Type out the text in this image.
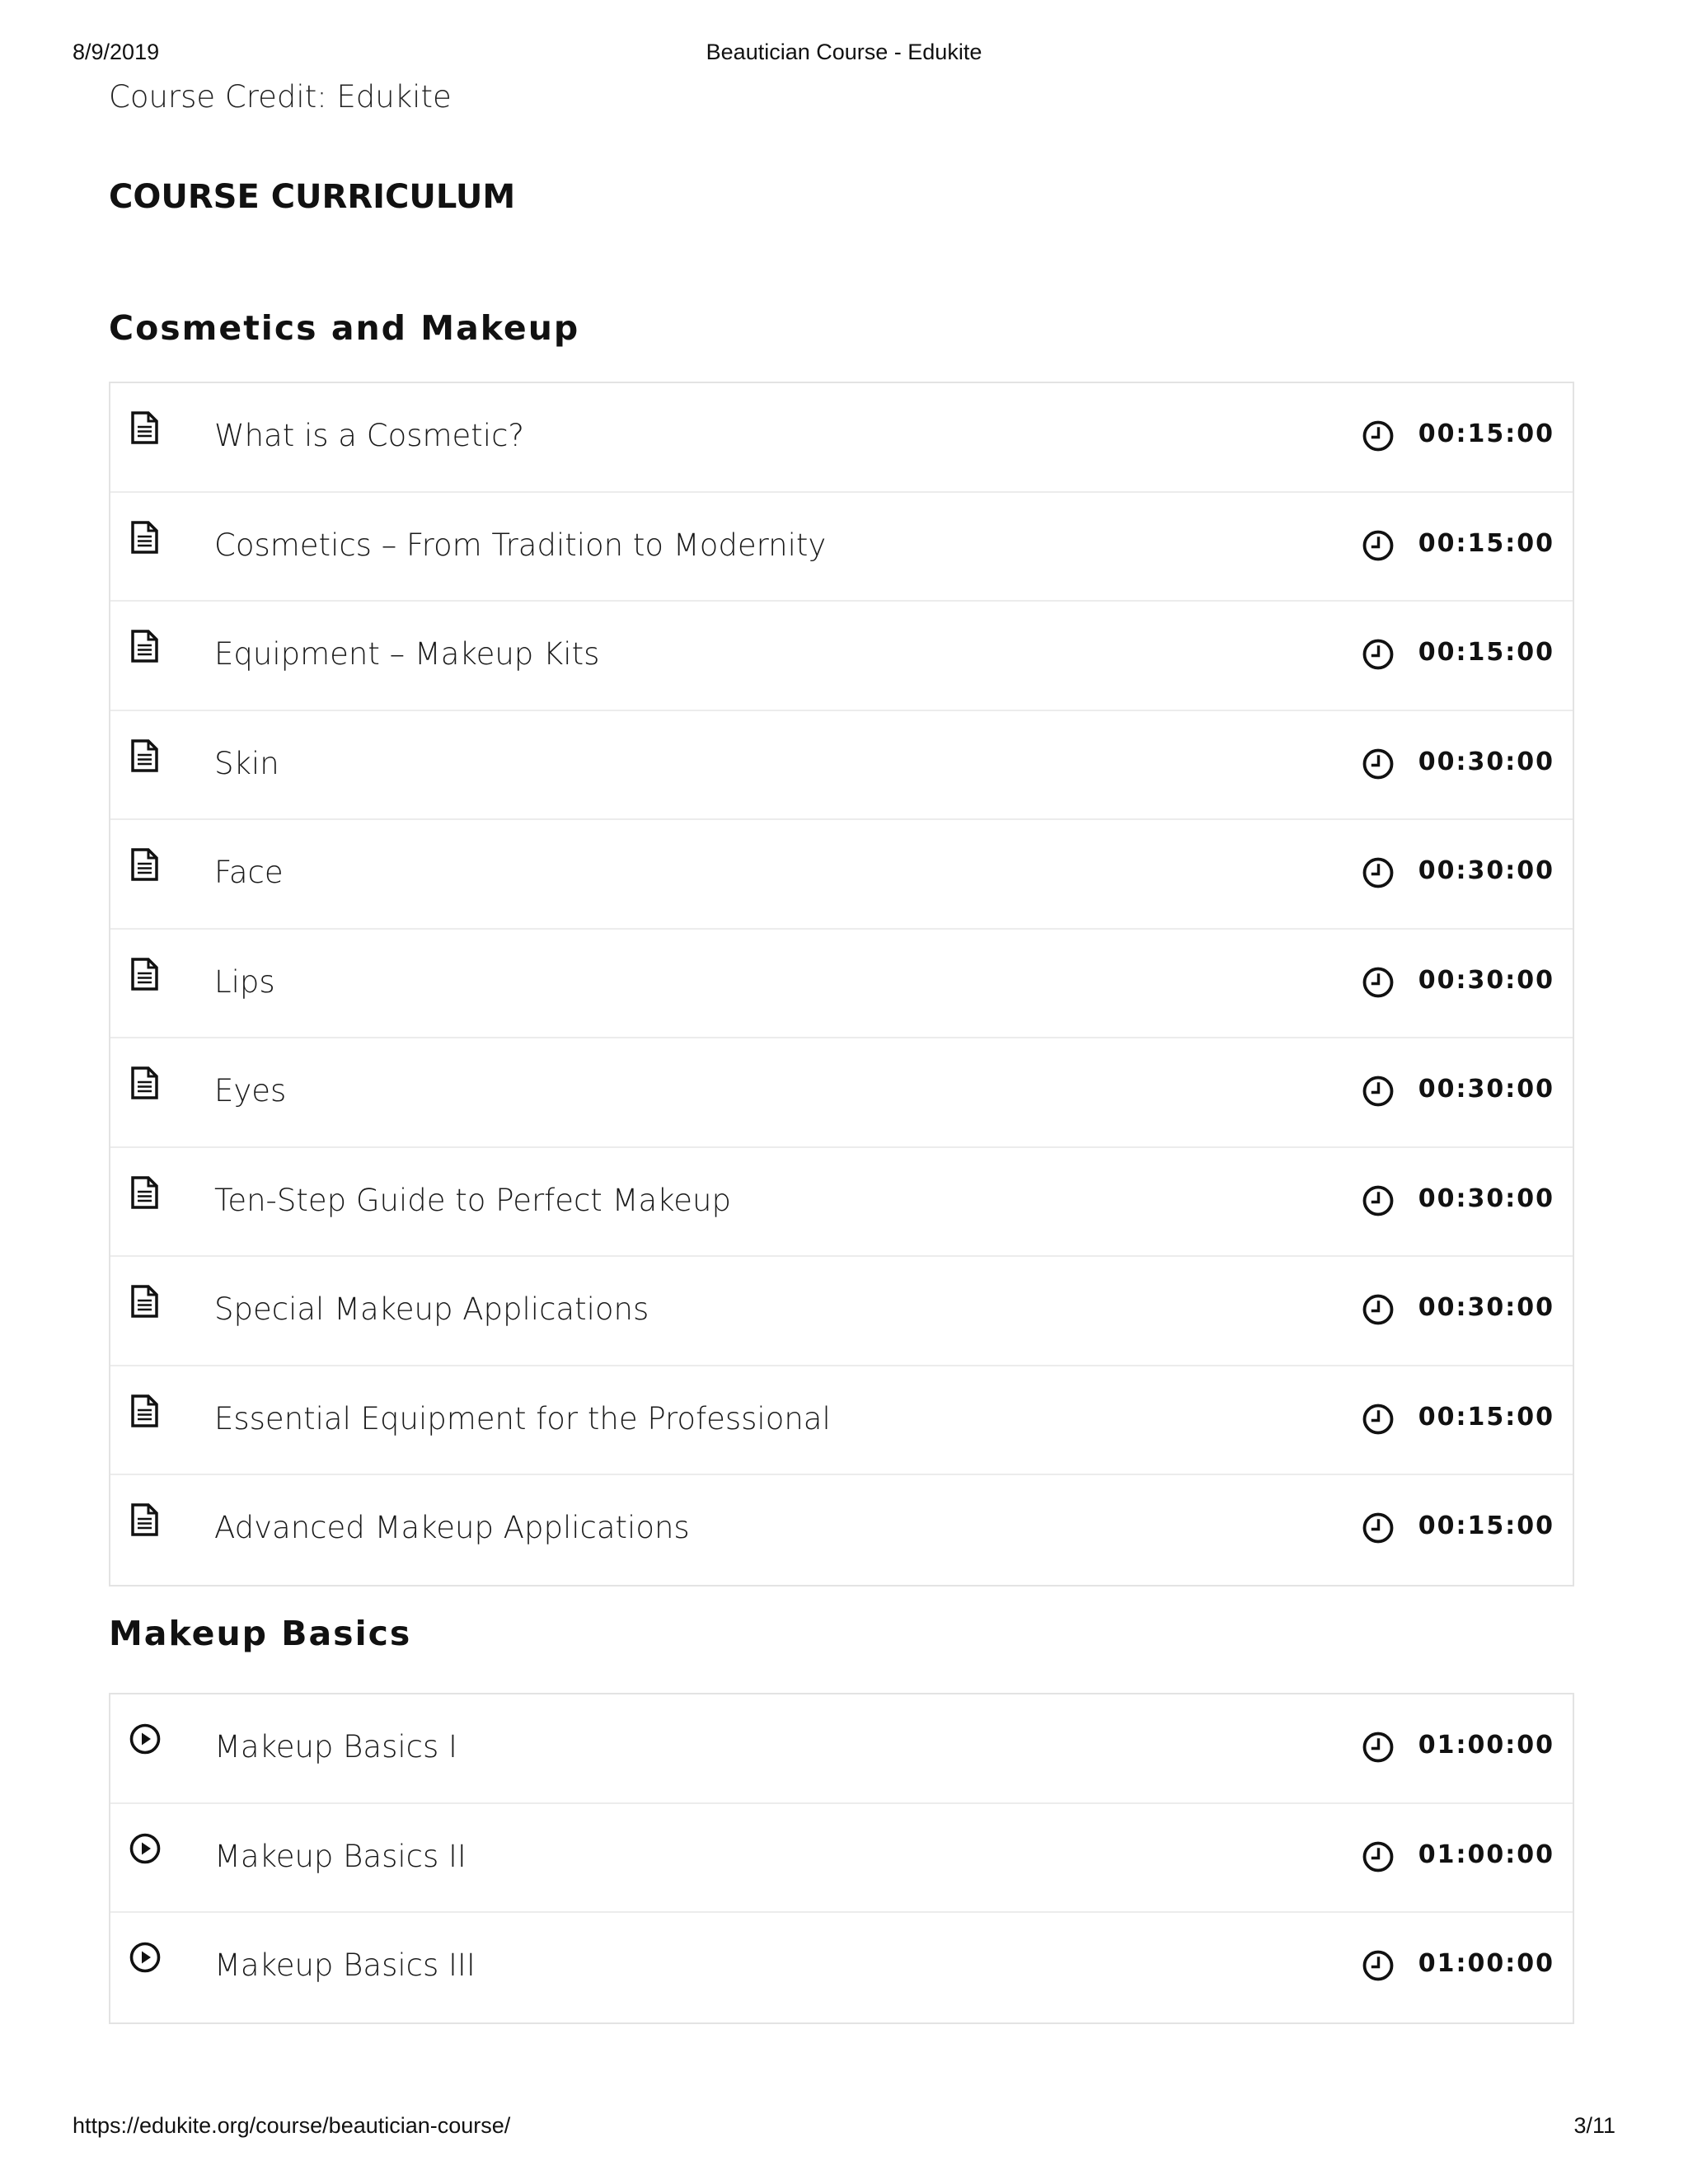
8/9/2019	Beautician Course - Edukite
Course Credit: Edukite
COURSE CURRICULUM
Cosmetics and Makeup
What is a Cosmetic?	00:15:00
Cosmetics – From Tradition to Modernity	00:15:00
Equipment – Makeup Kits	00:15:00
Skin	00:30:00
Face	00:30:00
Lips	00:30:00
Eyes	00:30:00
Ten-Step Guide to Perfect Makeup	00:30:00
Special Makeup Applications	00:30:00
Essential Equipment for the Professional	00:15:00
Advanced Makeup Applications	00:15:00
Makeup Basics
Makeup Basics I	01:00:00
Makeup Basics II	01:00:00
Makeup Basics III	01:00:00
https://edukite.org/course/beautician-course/	3/11
